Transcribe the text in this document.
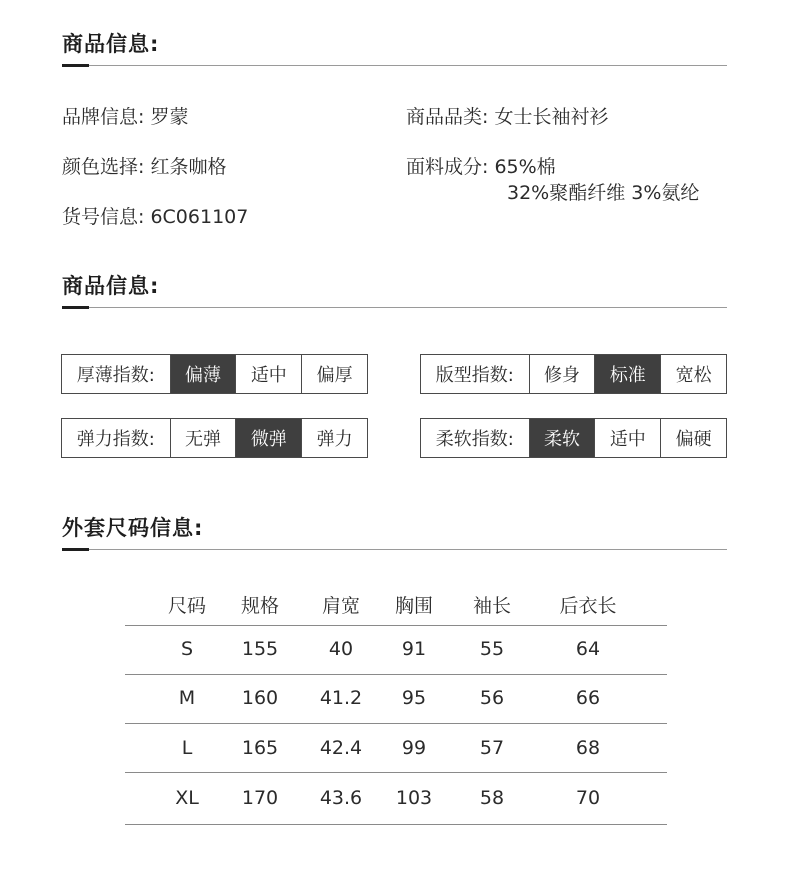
商品信息:
品牌信息: 罗蒙
颜色选择: 红条咖格
货号信息: 6C061107
商品品类: 女士长袖衬衫
面料成分: 65%棉
32%聚酯纤维 3%氨纶
商品信息:
厚薄指数:	偏薄	适中	偏厚	版型指数:	修身	标准	宽松
弹力指数:	无弹	微弹	弹力	柔软指数:	柔软	适中	偏硬
外套尺码信息:
尺码 规格 肩宽 胸围 袖长	后衣长
S	155	40	91	55	64
M 160 41.2 95	56	66
L	165 42.4 99	57	68
XL 170 43.6 103	58	70
